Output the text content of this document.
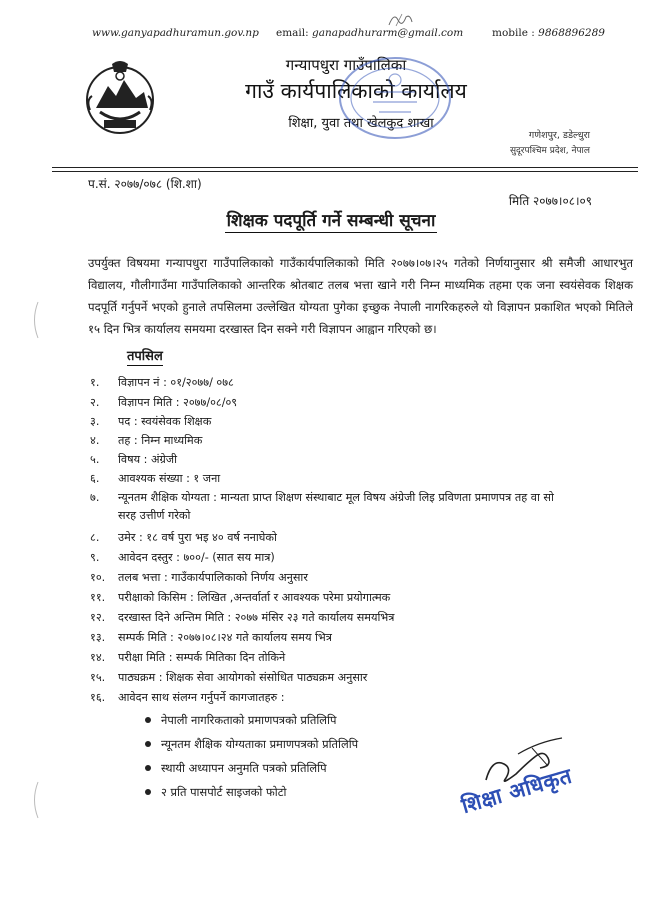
www.ganyapadhuramun.gov.np email: ganapadhurarm@gmail.com	mobile : 9868896289
गन्यापधुरा गाउँपालिका
गाउँ कार्यपालिकाको कार्यालय
शिक्षा, युवा तथा खेलकुद शाखा
गणेशपुर, डडेल्धुरा
सुदूरपश्चिम प्रदेश, नेपाल
प.सं. २०७७/०७८ (शि.शा)
मिति २०७७।०८।०९
शिक्षक पदपूर्ति गर्ने सम्बन्धी सूचना
उपर्युक्त विषयमा गन्यापधुरा गाउँपालिकाको गाउँकार्यपालिकाको मिति २०७७।०७।२५ गतेको निर्णयानुसार श्री समैजी आधारभुत विद्यालय, गौलीगाउँमा गाउँपालिकाको आन्तरिक श्रोतबाट तलब भत्ता खाने गरी निम्न माध्यमिक तहमा एक जना स्वयंसेवक शिक्षक पदपूर्ति गर्नुपर्ने भएको हुनाले तपसिलमा उल्लेखित योग्यता पुगेका इच्छुक नेपाली नागरिकहरुले यो विज्ञापन प्रकाशित भएको मितिले १५ दिन भित्र कार्यालय समयमा दरखास्त दिन सक्ने गरी विज्ञापन आह्वान गरिएको छ।
तपसिल
१.	विज्ञापन नं : ०१/२०७७/ ०७८
२.	विज्ञापन मिति : २०७७/०८/०९
३.	पद : स्वयंसेवक शिक्षक
४.	तह : निम्न माध्यमिक
५.	विषय : अंग्रेजी
६.	आवश्यक संख्या : १ जना
७.	न्यूनतम शैक्षिक योग्यता : मान्यता प्राप्त शिक्षण संस्थाबाट मूल विषय अंग्रेजी लिइ प्रविणता प्रमाणपत्र तह वा सो
सरह उत्तीर्ण गरेको
८.	उमेर : १८ वर्ष पुरा भइ ४० वर्ष ननाघेको
९.	आवेदन दस्तुर : ७००/- (सात सय मात्र)
१०.	तलब भत्ता : गाउँकार्यपालिकाको निर्णय अनुसार
११.	परीक्षाको किसिम : लिखित ,अन्तर्वार्ता र आवश्यक परेमा प्रयोगात्मक
१२.	दरखास्त दिने अन्तिम मिति : २०७७ मंसिर २३ गते कार्यालय समयभित्र
१३.	सम्पर्क मिति : २०७७।०८।२४ गते कार्यालय समय भित्र
१४.	परीक्षा मिति : सम्पर्क मितिका दिन तोकिने
१५.	पाठ्यक्रम : शिक्षक सेवा आयोगको संसोधित पाठ्यक्रम अनुसार
१६.	आवेदन साथ संलग्न गर्नुपर्ने कागजातहरु :
नेपाली नागरिकताको प्रमाणपत्रको प्रतिलिपि
न्यूनतम शैक्षिक योग्यताका प्रमाणपत्रको प्रतिलिपि
स्थायी अध्यापन अनुमति पत्रको प्रतिलिपि
२ प्रति पासपोर्ट साइजको फोटो	शिक्षा अधिकृत
